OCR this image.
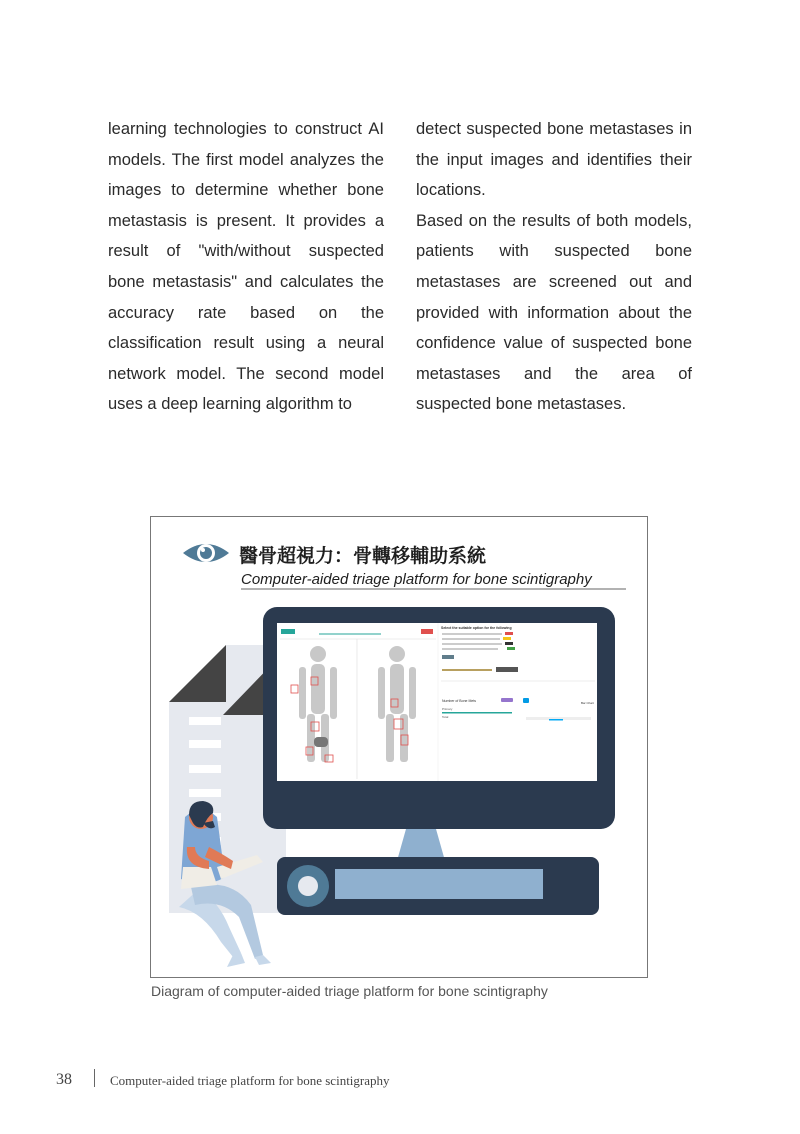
learning technologies to construct AI models. The first model analyzes the images to determine whether bone metastasis is present. It provides a result of "with/without suspected bone metastasis" and calculates the accuracy rate based on the classification result using a neural network model. The second model uses a deep learning algorithm to

detect suspected bone metastases in the input images and identifies their locations.

Based on the results of both models, patients with suspected bone metastases are screened out and provided with information about the confidence value of suspected bone metastases and the area of suspected bone metastases.

醫骨超視力：骨轉移輔助系統
Computer-aided triage platform for bone scintigraphy
Select the suitable option for the following
Number of Bone Mets
Primary
Total
Bar Chart
Diagram of computer-aided triage platform for bone scintigraphy
38	Computer-aided triage platform for bone scintigraphy
